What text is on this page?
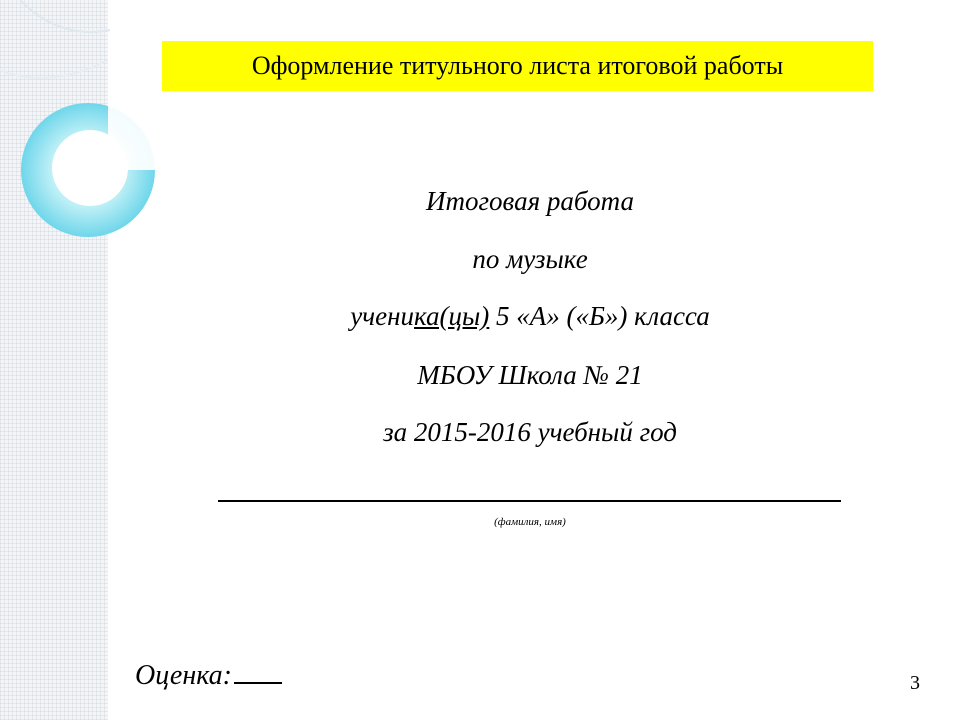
Оформление титульного листа итоговой работы
Итоговая работа
по музыке
ученика(цы) 5 «А» («Б») класса
МБОУ Школа № 21
за 2015-2016 учебный год
(фамилия, имя)
Оценка:	3
